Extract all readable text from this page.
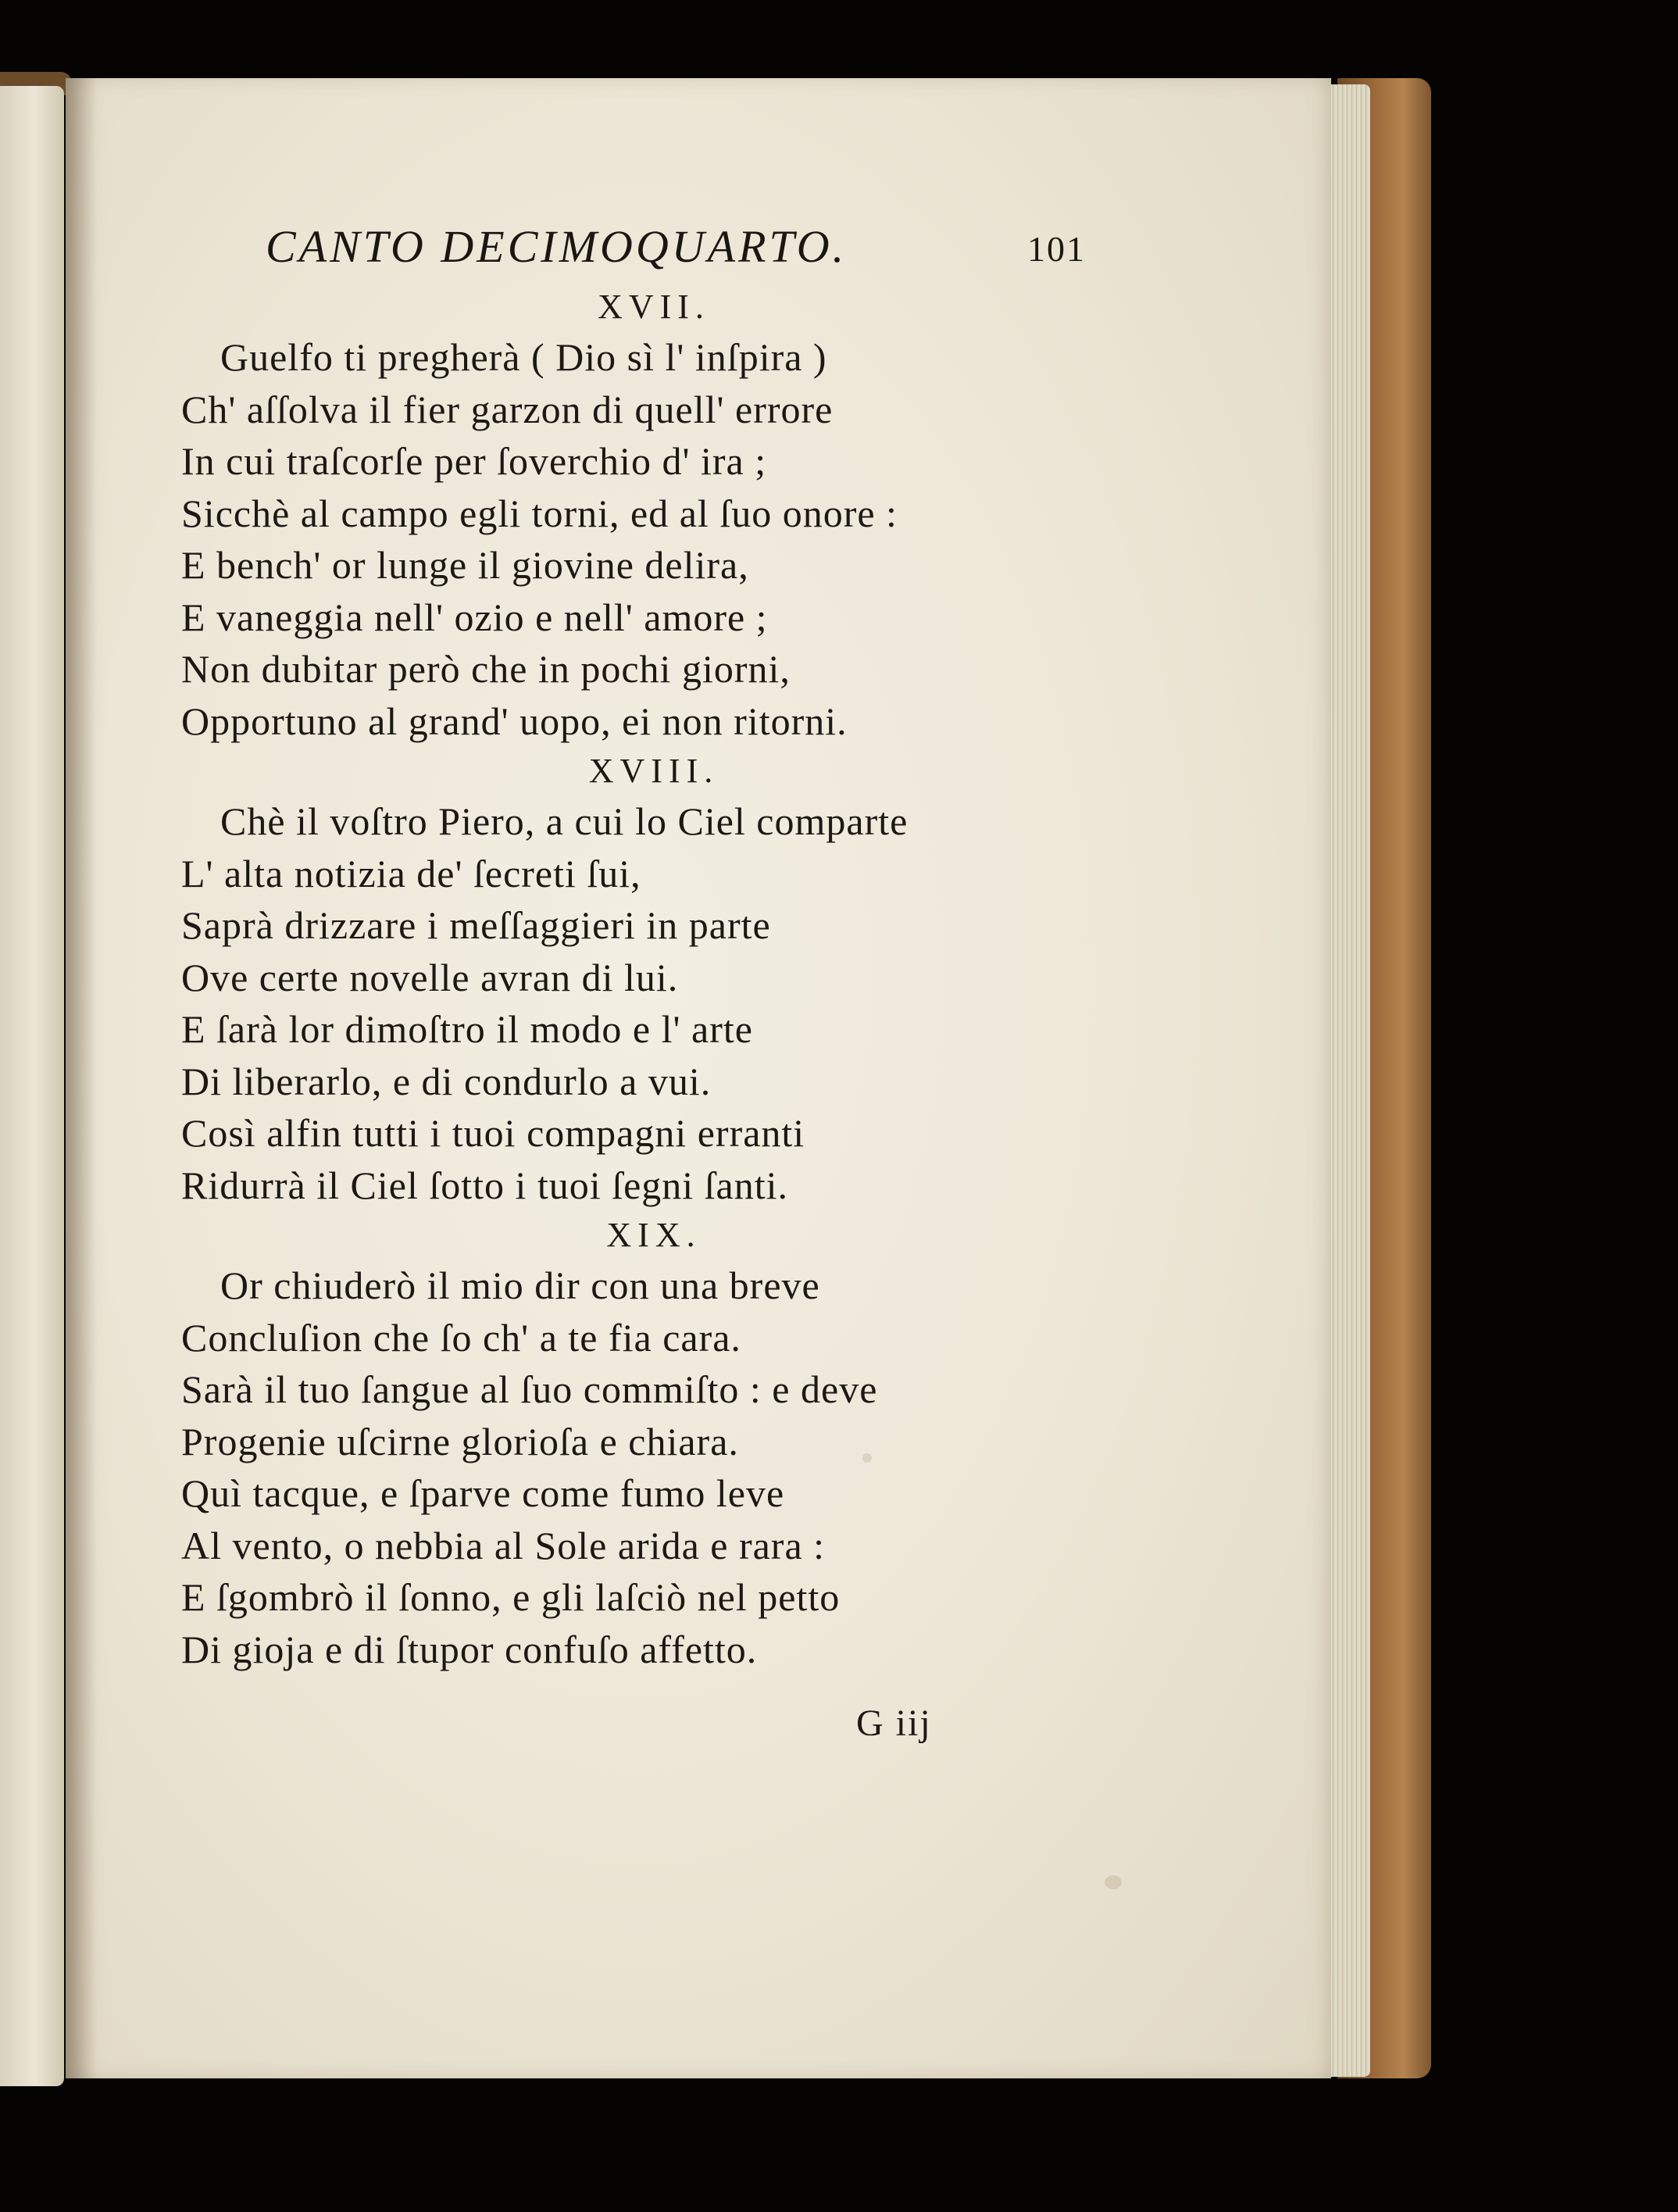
CANTO DECIMOQUARTO.	101
XVII.
Guelfo ti pregherà ( Dio sì l' inſpira )
Ch' aſſolva il fier garzon di quell' errore
In cui traſcorſe per ſoverchio d' ira ;
Sicchè al campo egli torni, ed al ſuo onore :
E bench' or lunge il giovine delira,
E vaneggia nell' ozio e nell' amore ;
Non dubitar però che in pochi giorni,
Opportuno al grand' uopo, ei non ritorni.
XVIII.
Chè il voſtro Piero, a cui lo Ciel comparte
L' alta notizia de' ſecreti ſui,
Saprà drizzare i meſſaggieri in parte
Ove certe novelle avran di lui.
E ſarà lor dimoſtro il modo e l' arte
Di liberarlo, e di condurlo a vui.
Così alfin tutti i tuoi compagni erranti
Ridurrà il Ciel ſotto i tuoi ſegni ſanti.
XIX.
Or chiuderò il mio dir con una breve
Concluſion che ſo ch' a te fia cara.
Sarà il tuo ſangue al ſuo commiſto : e deve
Progenie uſcirne glorioſa e chiara.
Quì tacque, e ſparve come fumo leve
Al vento, o nebbia al Sole arida e rara :
E ſgombrò il ſonno, e gli laſciò nel petto
Di gioja e di ſtupor confuſo affetto.
G iij
